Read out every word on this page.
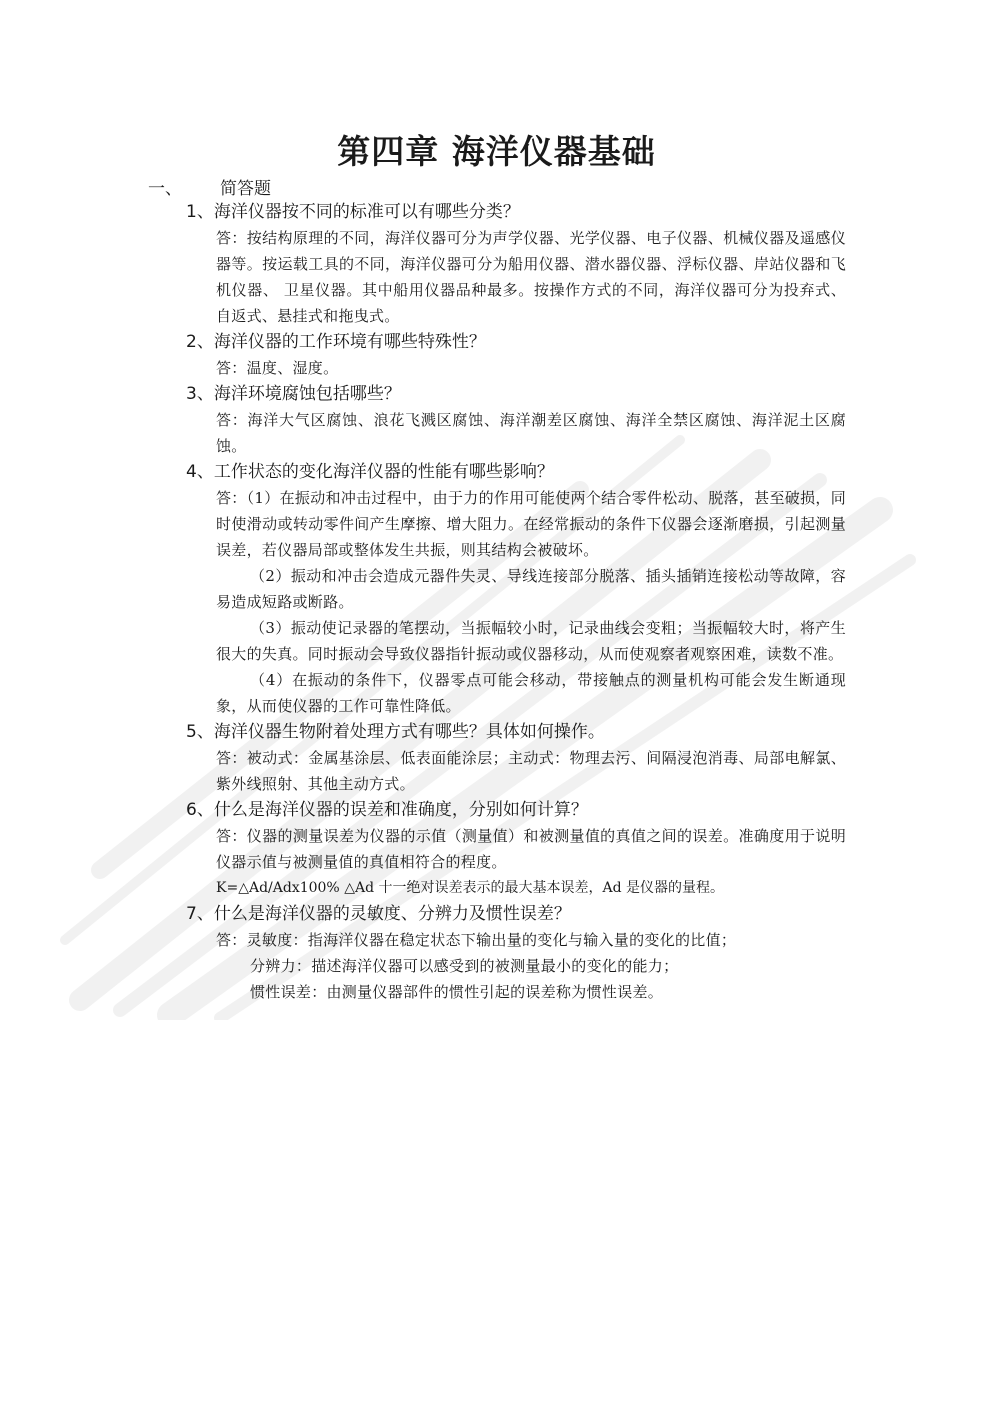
第四章 海洋仪器基础
一、	简答题
1、海洋仪器按不同的标准可以有哪些分类？

答：按结构原理的不同，海洋仪器可分为声学仪器、光学仪器、电子仪器、机械仪器及遥感仪器等。按运载工具的不同，海洋仪器可分为船用仪器、潜水器仪器、浮标仪器、岸站仪器和飞机仪器、 卫星仪器。其中船用仪器品种最多。按操作方式的不同，海洋仪器可分为投弃式、自返式、悬挂式和拖曳式。

2、海洋仪器的工作环境有哪些特殊性？

答：温度、湿度。

3、海洋环境腐蚀包括哪些？

答：海洋大气区腐蚀、浪花飞溅区腐蚀、海洋潮差区腐蚀、海洋全禁区腐蚀、海洋泥土区腐蚀。

4、工作状态的变化海洋仪器的性能有哪些影响？

答：（1）在振动和冲击过程中，由于力的作用可能使两个结合零件松动、脱落，甚至破损，同时使滑动或转动零件间产生摩擦、增大阻力。在经常振动的条件下仪器会逐渐磨损，引起测量误差，若仪器局部或整体发生共振，则其结构会被破坏。

（2）振动和冲击会造成元器件失灵、导线连接部分脱落、插头插销连接松动等故障，容易造成短路或断路。

（3）振动使记录器的笔摆动，当振幅较小时，记录曲线会变粗；当振幅较大时，将产生很大的失真。同时振动会导致仪器指针振动或仪器移动，从而使观察者观察困难，读数不准。

（4）在振动的条件下，仪器零点可能会移动，带接触点的测量机构可能会发生断通现象，从而使仪器的工作可靠性降低。

5、海洋仪器生物附着处理方式有哪些？具体如何操作。

答：被动式：金属基涂层、低表面能涂层；主动式：物理去污、间隔浸泡消毒、局部电解氯、紫外线照射、其他主动方式。

6、什么是海洋仪器的误差和准确度，分别如何计算？

答：仪器的测量误差为仪器的示值（测量值）和被测量值的真值之间的误差。准确度用于说明仪器示值与被测量值的真值相符合的程度。

K=△Ad/Adx100% △Ad 十一绝对误差表示的最大基本误差，Ad 是仪器的量程。

7、什么是海洋仪器的灵敏度、分辨力及惯性误差？

答：灵敏度：指海洋仪器在稳定状态下输出量的变化与输入量的变化的比值；

分辨力：描述海洋仪器可以感受到的被测量最小的变化的能力；

惯性误差：由测量仪器部件的惯性引起的误差称为惯性误差。
